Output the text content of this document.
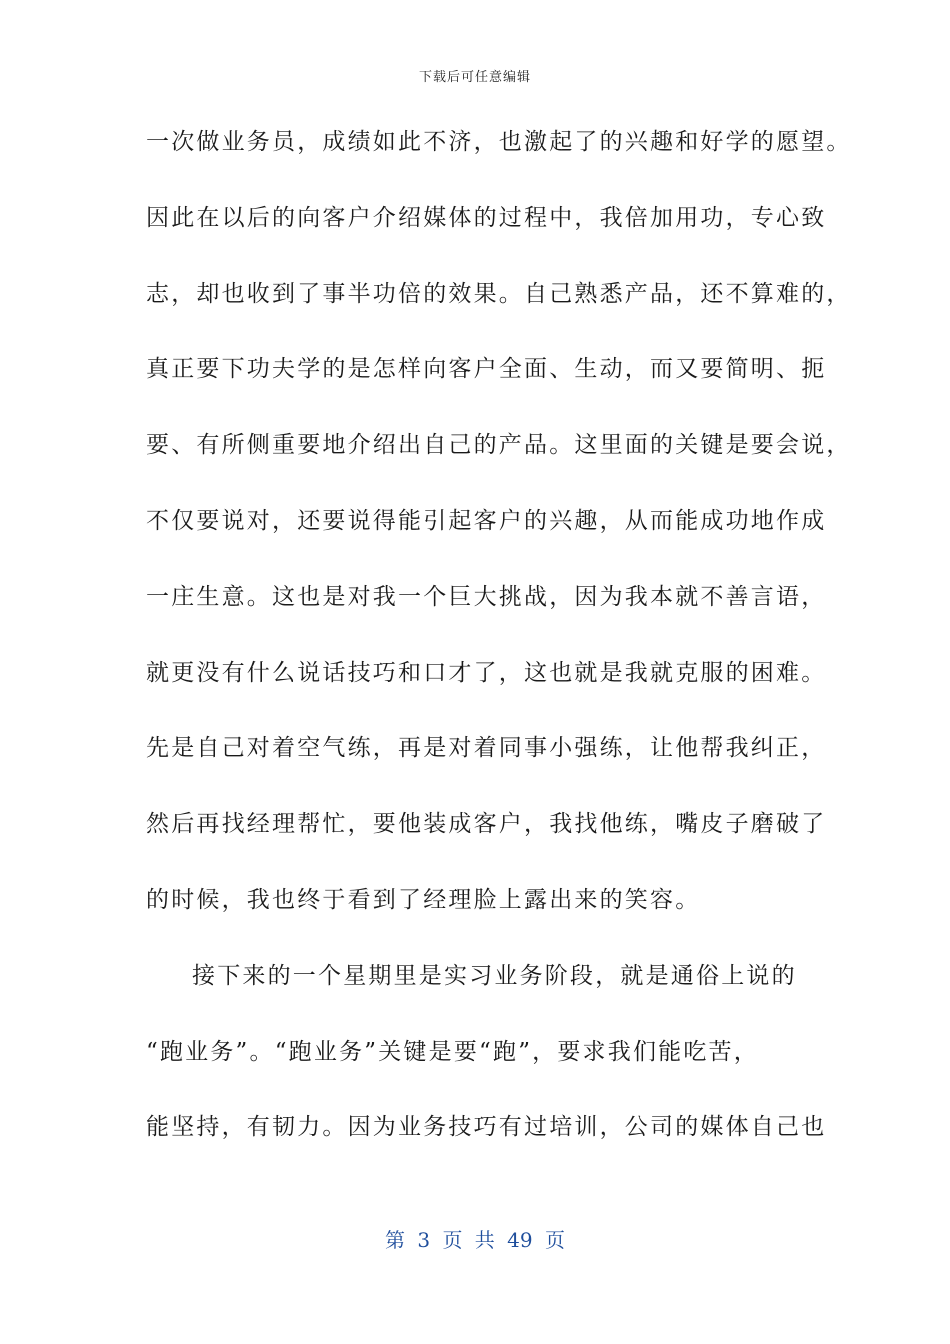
下载后可任意编辑
一次做业务员，成绩如此不济，也激起了的兴趣和好学的愿望。
因此在以后的向客户介绍媒体的过程中，我倍加用功，专心致
志，却也收到了事半功倍的效果。自己熟悉产品，还不算难的，
真正要下功夫学的是怎样向客户全面、生动，而又要简明、扼
要、有所侧重要地介绍出自己的产品。这里面的关键是要会说，
不仅要说对，还要说得能引起客户的兴趣，从而能成功地作成
一庄生意。这也是对我一个巨大挑战，因为我本就不善言语，
就更没有什么说话技巧和口才了，这也就是我就克服的困难。
先是自己对着空气练，再是对着同事小强练，让他帮我纠正，
然后再找经理帮忙，要他装成客户，我找他练，嘴皮子磨破了
的时候，我也终于看到了经理脸上露出来的笑容。
接下来的一个星期里是实习业务阶段，就是通俗上说的
“跑业务”。“跑业务”关键是要“跑”，要求我们能吃苦，
能坚持，有韧力。因为业务技巧有过培训，公司的媒体自己也
第 3 页 共 49 页
